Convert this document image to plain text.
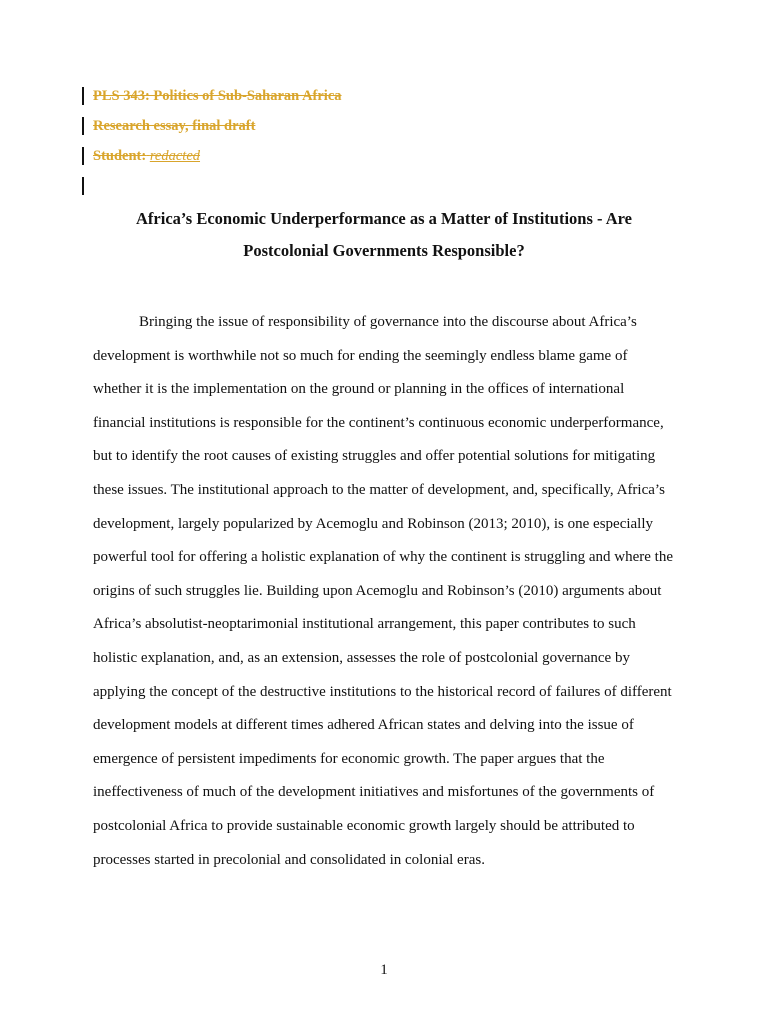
PLS 343: Politics of Sub-Saharan Africa
Research essay, final draft
Student: redacted
Africa’s Economic Underperformance as a Matter of Institutions - Are
Postcolonial Governments Responsible?

Bringing the issue of responsibility of governance into the discourse about Africa’s development is worthwhile not so much for ending the seemingly endless blame game of whether it is the implementation on the ground or planning in the offices of international financial institutions is responsible for the continent’s continuous economic underperformance, but to identify the root causes of existing struggles and offer potential solutions for mitigating these issues. The institutional approach to the matter of development, and, specifically, Africa’s development, largely popularized by Acemoglu and Robinson (2013; 2010), is one especially powerful tool for offering a holistic explanation of why the continent is struggling and where the origins of such struggles lie. Building upon Acemoglu and Robinson’s (2010) arguments about Africa’s absolutist-neoptarimonial institutional arrangement, this paper contributes to such holistic explanation, and, as an extension, assesses the role of postcolonial governance by applying the concept of the destructive institutions to the historical record of failures of different development models at different times adhered African states and delving into the issue of emergence of persistent impediments for economic growth. The paper argues that the ineffectiveness of much of the development initiatives and misfortunes of the governments of postcolonial Africa to provide sustainable economic growth largely should be attributed to processes started in precolonial and consolidated in colonial eras.

1
